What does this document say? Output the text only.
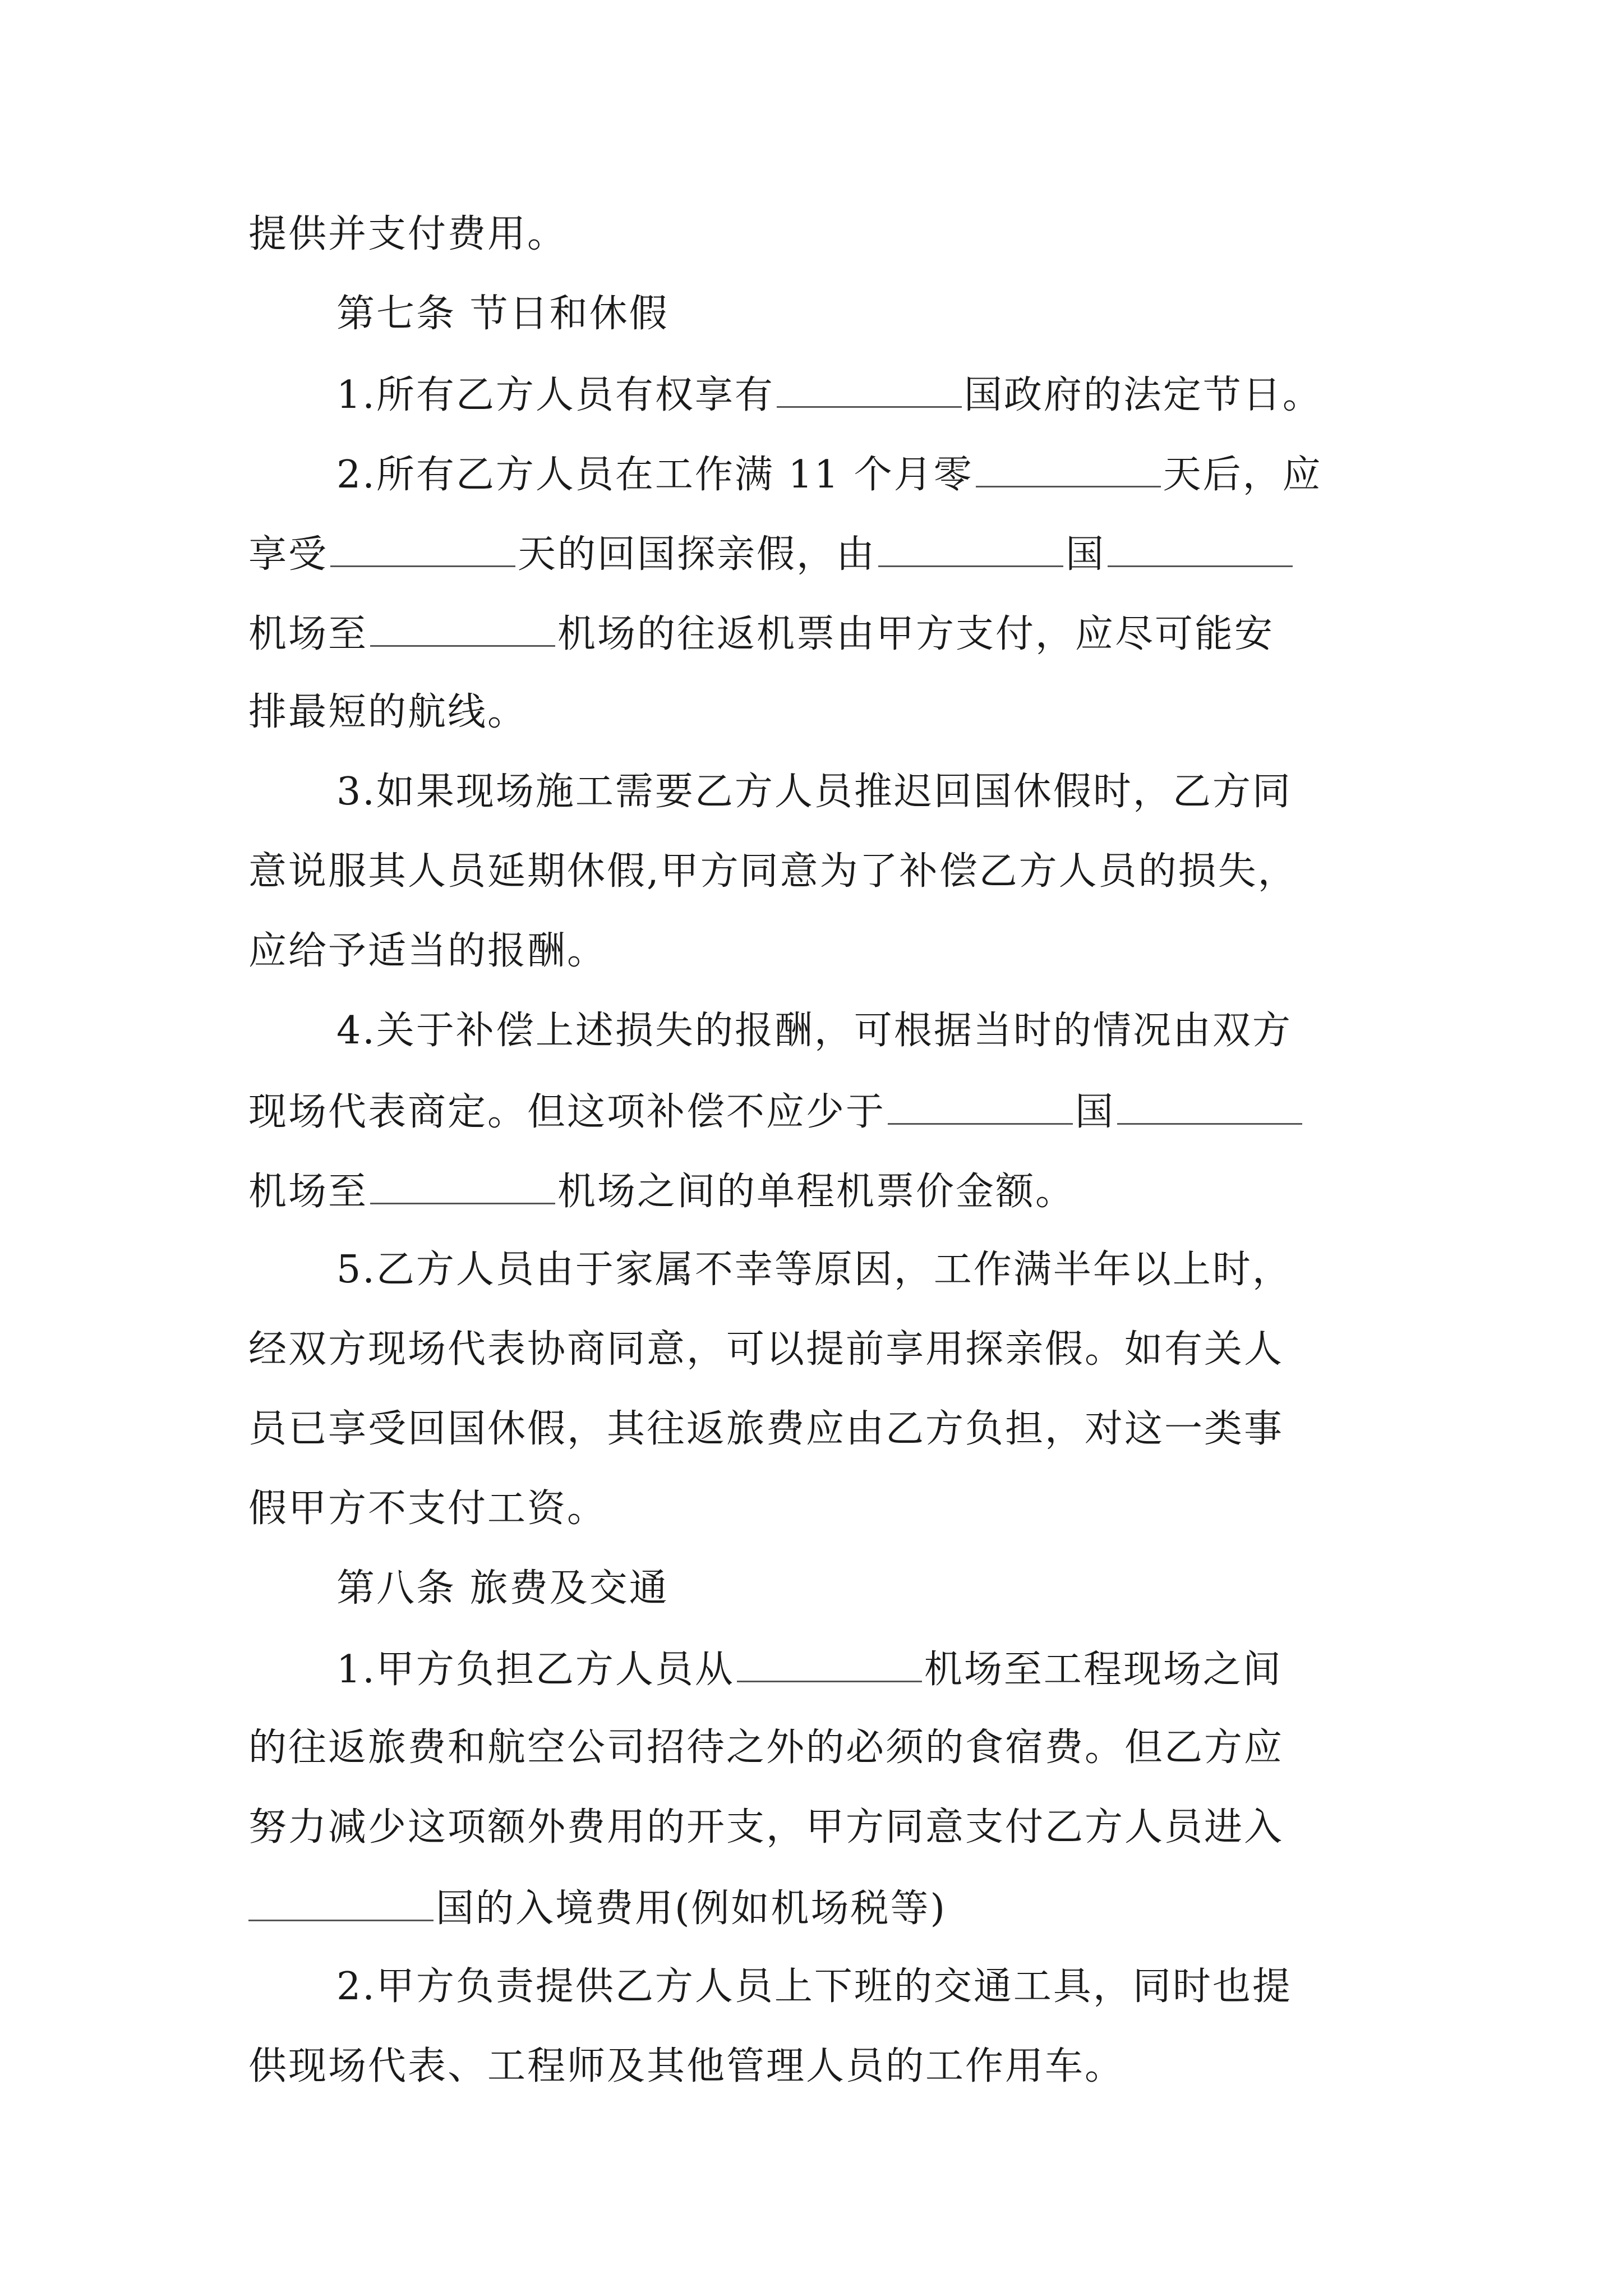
提供并支付费用。
第七条 节日和休假
1.所有乙方人员有权享有	国政府的法定节日。
2.所有乙方人员在工作满 11 个月零	天后，应
享受	天的回国探亲假，由	国
机场至	机场的往返机票由甲方支付，应尽可能安
排最短的航线。
3.如果现场施工需要乙方人员推迟回国休假时，乙方同
意说服其人员延期休假,甲方同意为了补偿乙方人员的损失，
应给予适当的报酬。
4.关于补偿上述损失的报酬，可根据当时的情况由双方
现场代表商定。但这项补偿不应少于	国
机场至	机场之间的单程机票价金额。
5.乙方人员由于家属不幸等原因，工作满半年以上时，
经双方现场代表协商同意，可以提前享用探亲假。如有关人
员已享受回国休假，其往返旅费应由乙方负担，对这一类事
假甲方不支付工资。
第八条 旅费及交通
1.甲方负担乙方人员从	机场至工程现场之间
的往返旅费和航空公司招待之外的必须的食宿费。但乙方应
努力减少这项额外费用的开支，甲方同意支付乙方人员进入
国的入境费用(例如机场税等)
2.甲方负责提供乙方人员上下班的交通工具，同时也提
供现场代表、工程师及其他管理人员的工作用车。
